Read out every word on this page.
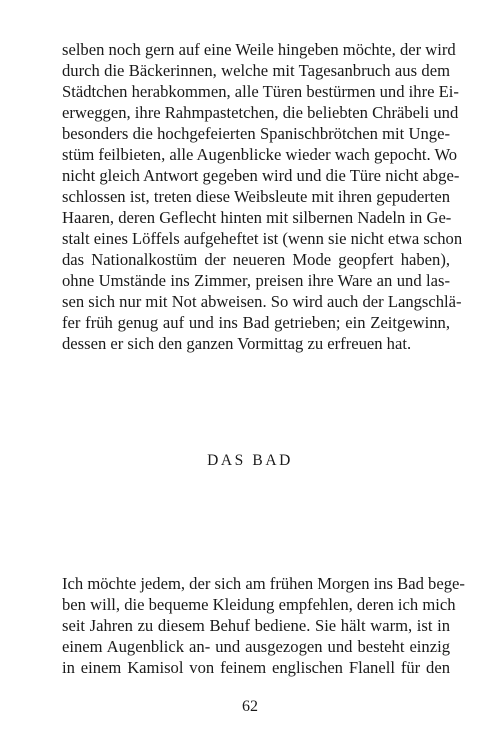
selben noch gern auf eine Weile hingeben möchte, der wird
durch die Bäckerinnen, welche mit Tagesanbruch aus dem
Städtchen herabkommen, alle Türen bestürmen und ihre Ei-
erweggen, ihre Rahmpastetchen, die beliebten Chräbeli und
besonders die hochgefeierten Spanischbrötchen mit Unge-
stüm feilbieten, alle Augenblicke wieder wach gepocht. Wo
nicht gleich Antwort gegeben wird und die Türe nicht abge-
schlossen ist, treten diese Weibsleute mit ihren gepuderten
Haaren, deren Geflecht hinten mit silbernen Nadeln in Ge-
stalt eines Löffels aufgeheftet ist (wenn sie nicht etwa schon
das Nationalkostüm der neueren Mode geopfert haben),
ohne Umstände ins Zimmer, preisen ihre Ware an und las-
sen sich nur mit Not abweisen. So wird auch der Langschlä-
fer früh genug auf und ins Bad getrieben; ein Zeitgewinn,
dessen er sich den ganzen Vormittag zu erfreuen hat.
DAS BAD
Ich möchte jedem, der sich am frühen Morgen ins Bad bege-
ben will, die bequeme Kleidung empfehlen, deren ich mich
seit Jahren zu diesem Behuf bediene. Sie hält warm, ist in
einem Augenblick an- und ausgezogen und besteht einzig
in einem Kamisol von feinem englischen Flanell für den
62
